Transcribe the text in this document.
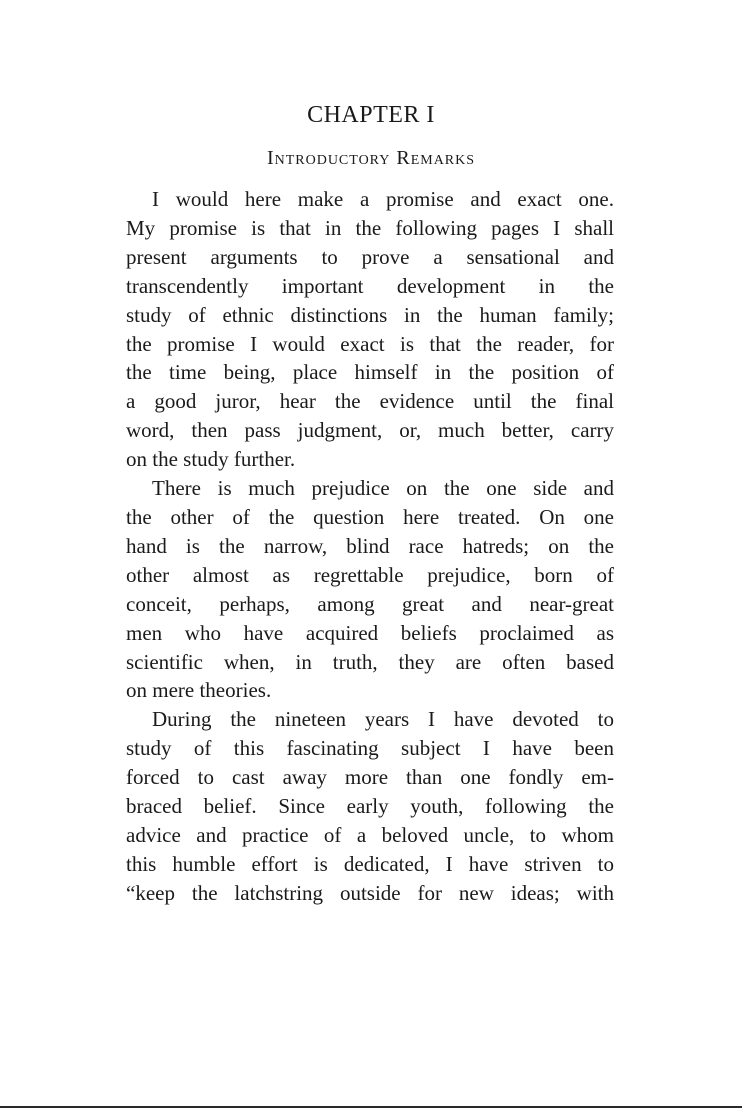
CHAPTER I
Introductory Remarks

I would here make a promise and exact one.
My promise is that in the following pages I shall
present arguments to prove a sensational and
transcendently important development in the
study of ethnic distinctions in the human family;
the promise I would exact is that the reader, for
the time being, place himself in the position of
a good juror, hear the evidence until the final
word, then pass judgment, or, much better, carry
on the study further.

There is much prejudice on the one side and
the other of the question here treated. On one
hand is the narrow, blind race hatreds; on the
other almost as regrettable prejudice, born of
conceit, perhaps, among great and near-great
men who have acquired beliefs proclaimed as
scientific when, in truth, they are often based
on mere theories.

During the nineteen years I have devoted to
study of this fascinating subject I have been
forced to cast away more than one fondly em-
braced belief. Since early youth, following the
advice and practice of a beloved uncle, to whom
this humble effort is dedicated, I have striven to
“keep the latchstring outside for new ideas; with
